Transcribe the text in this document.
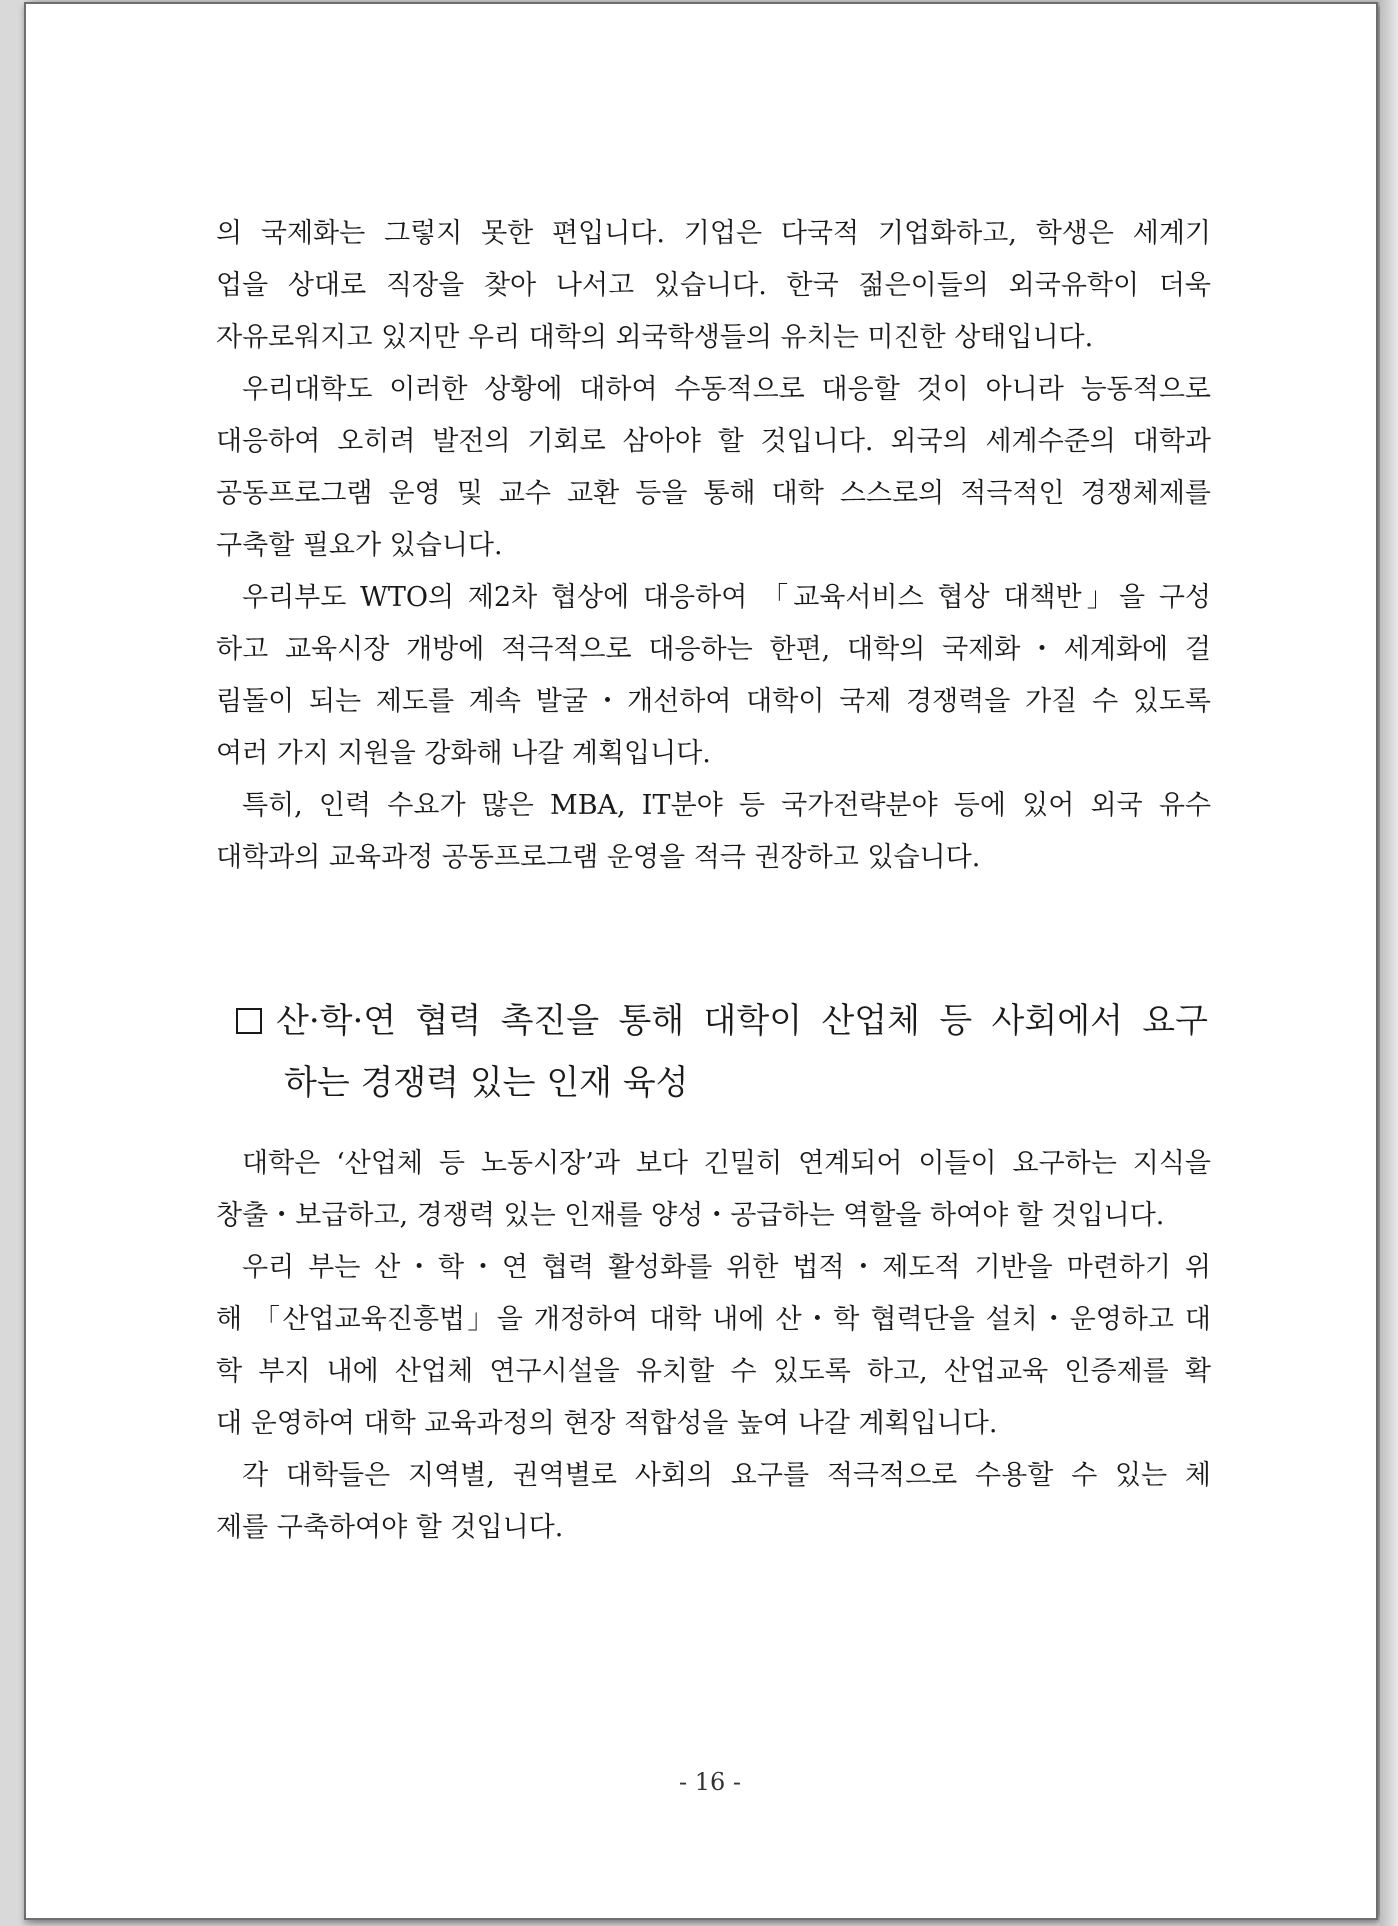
의 국제화는 그렇지 못한 편입니다. 기업은 다국적 기업화하고, 학생은 세계기
업을 상대로 직장을 찾아 나서고 있습니다. 한국 젊은이들의 외국유학이 더욱
자유로워지고 있지만 우리 대학의 외국학생들의 유치는 미진한 상태입니다.
우리대학도 이러한 상황에 대하여 수동적으로 대응할 것이 아니라 능동적으로
대응하여 오히려 발전의 기회로 삼아야 할 것입니다. 외국의 세계수준의 대학과
공동프로그램 운영 및 교수 교환 등을 통해 대학 스스로의 적극적인 경쟁체제를
구축할 필요가 있습니다.
우리부도 WTO의 제2차 협상에 대응하여 「교육서비스 협상 대책반」을 구성
하고 교육시장 개방에 적극적으로 대응하는 한편, 대학의 국제화・세계화에 걸
림돌이 되는 제도를 계속 발굴・개선하여 대학이 국제 경쟁력을 가질 수 있도록
여러 가지 지원을 강화해 나갈 계획입니다.
특히, 인력 수요가 많은 MBA, IT분야 등 국가전략분야 등에 있어 외국 유수
대학과의 교육과정 공동프로그램 운영을 적극 권장하고 있습니다.
산·학·연 협력 촉진을 통해 대학이 산업체 등 사회에서 요구
하는 경쟁력 있는 인재 육성
대학은 ‘산업체 등 노동시장’과 보다 긴밀히 연계되어 이들이 요구하는 지식을
창출・보급하고, 경쟁력 있는 인재를 양성・공급하는 역할을 하여야 할 것입니다.
우리 부는 산・학・연 협력 활성화를 위한 법적・제도적 기반을 마련하기 위
해 「산업교육진흥법」을 개정하여 대학 내에 산・학 협력단을 설치・운영하고 대
학 부지 내에 산업체 연구시설을 유치할 수 있도록 하고, 산업교육 인증제를 확
대 운영하여 대학 교육과정의 현장 적합성을 높여 나갈 계획입니다.
각 대학들은 지역별, 권역별로 사회의 요구를 적극적으로 수용할 수 있는 체
제를 구축하여야 할 것입니다.
- 16 -
